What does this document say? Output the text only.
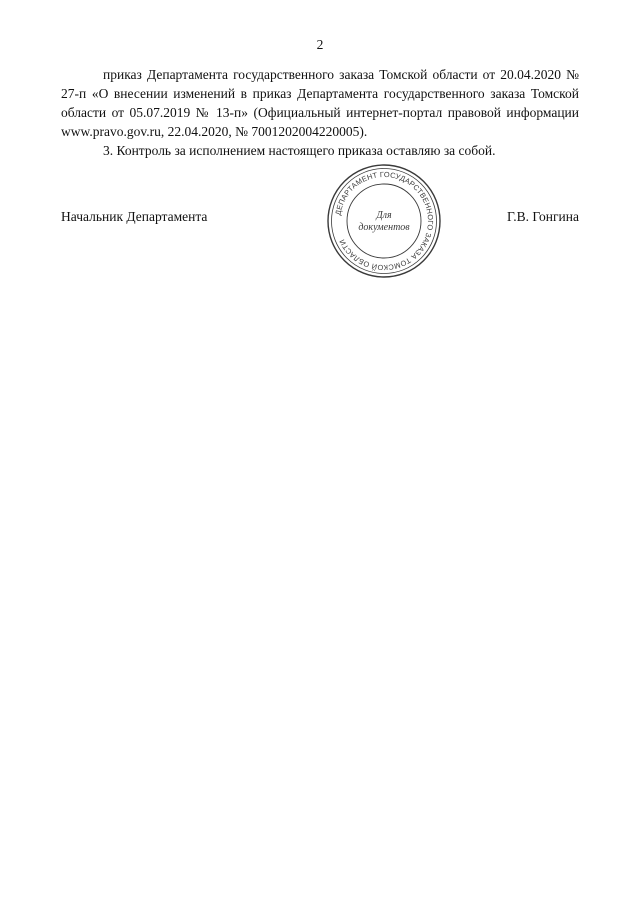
2

приказ Департамента государственного заказа Томской области от 20.04.2020 № 27-п «О внесении изменений в приказ Департамента государственного заказа Томской области от 05.07.2019 № 13-п» (Официальный интернет-портал правовой информации www.pravo.gov.ru, 22.04.2020, № 7001202004220005).

3. Контроль за исполнением настоящего приказа оставляю за собой.

Начальник Департамента	Г.В. Гонгина
ДЕПАРТАМЕНТ ГОСУДАРСТВЕННОГО ЗАКАЗА ТОМСКОЙ ОБЛАСТИ
Для
документов
